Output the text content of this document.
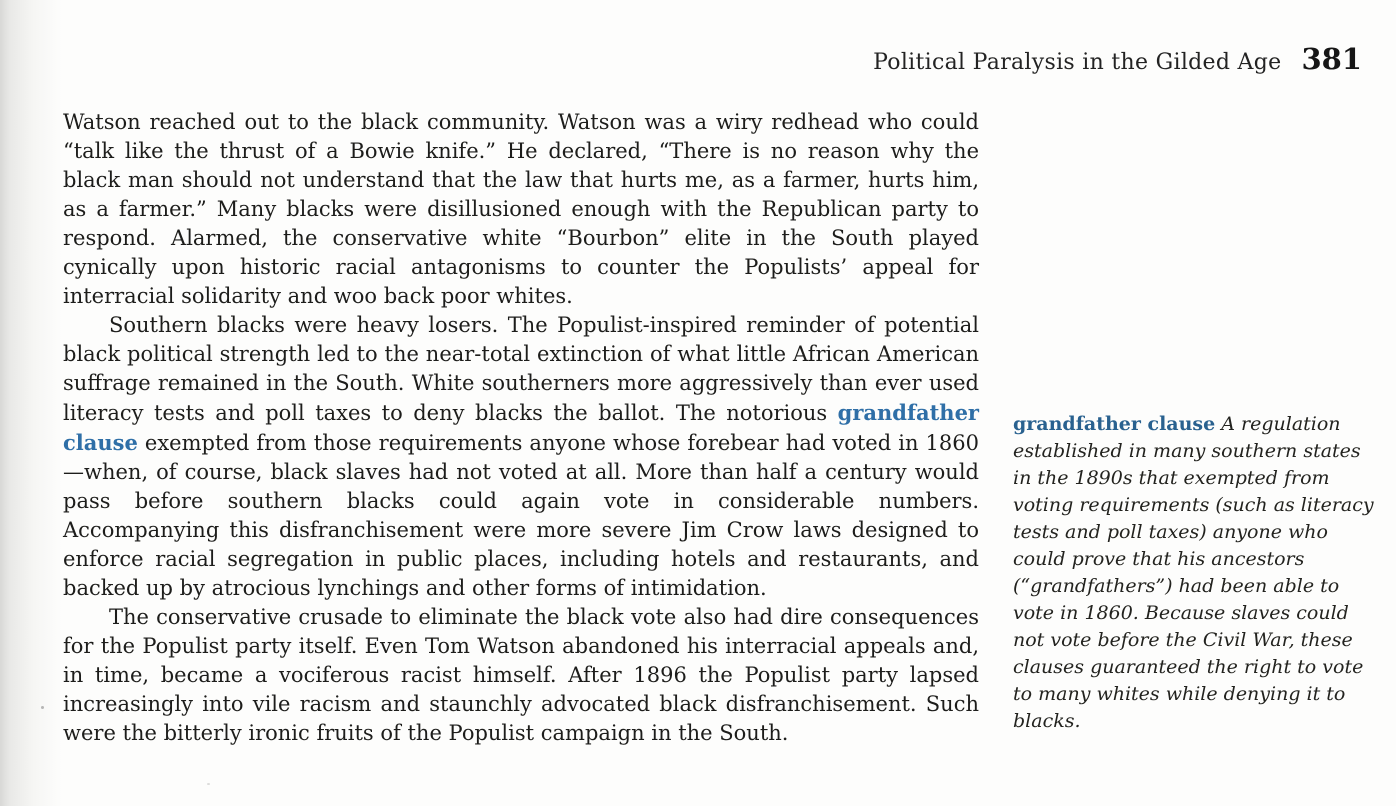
Political Paralysis in the Gilded Age 381

Watson reached out to the black community. Watson was a wiry redhead who could “talk like the thrust of a Bowie knife.” He declared, “There is no reason why the black man should not understand that the law that hurts me, as a farmer, hurts him, as a farmer.” Many blacks were disillusioned enough with the Republican party to respond. Alarmed, the conservative white “Bourbon” elite in the South played cynically upon historic racial antagonisms to counter the Populists’ appeal for interracial solidarity and woo back poor whites.

Southern blacks were heavy losers. The Populist-inspired reminder of potential black political strength led to the near-total extinction of what little African American suffrage remained in the South. White southerners more aggressively than ever used literacy tests and poll taxes to deny blacks the ballot. The notorious grandfather clause exempted from those requirements anyone whose forebear had voted in 1860—when, of course, black slaves had not voted at all. More than half a century would pass before southern blacks could again vote in considerable numbers. Accompanying this disfranchisement were more severe Jim Crow laws designed to enforce racial segregation in public places, including hotels and restaurants, and backed up by atrocious lynchings and other forms of intimidation.

The conservative crusade to eliminate the black vote also had dire consequences for the Populist party itself. Even Tom Watson abandoned his interracial appeals and, in time, became a vociferous racist himself. After 1896 the Populist party lapsed increasingly into vile racism and staunchly advocated black disfranchisement. Such were the bitterly ironic fruits of the Populist campaign in the South.

grandfather clause A regulation established in many southern states in the 1890s that exempted from voting requirements (such as literacy tests and poll taxes) anyone who could prove that his ancestors (“grandfathers”) had been able to vote in 1860. Because slaves could not vote before the Civil War, these clauses guaranteed the right to vote to many whites while denying it to blacks.
